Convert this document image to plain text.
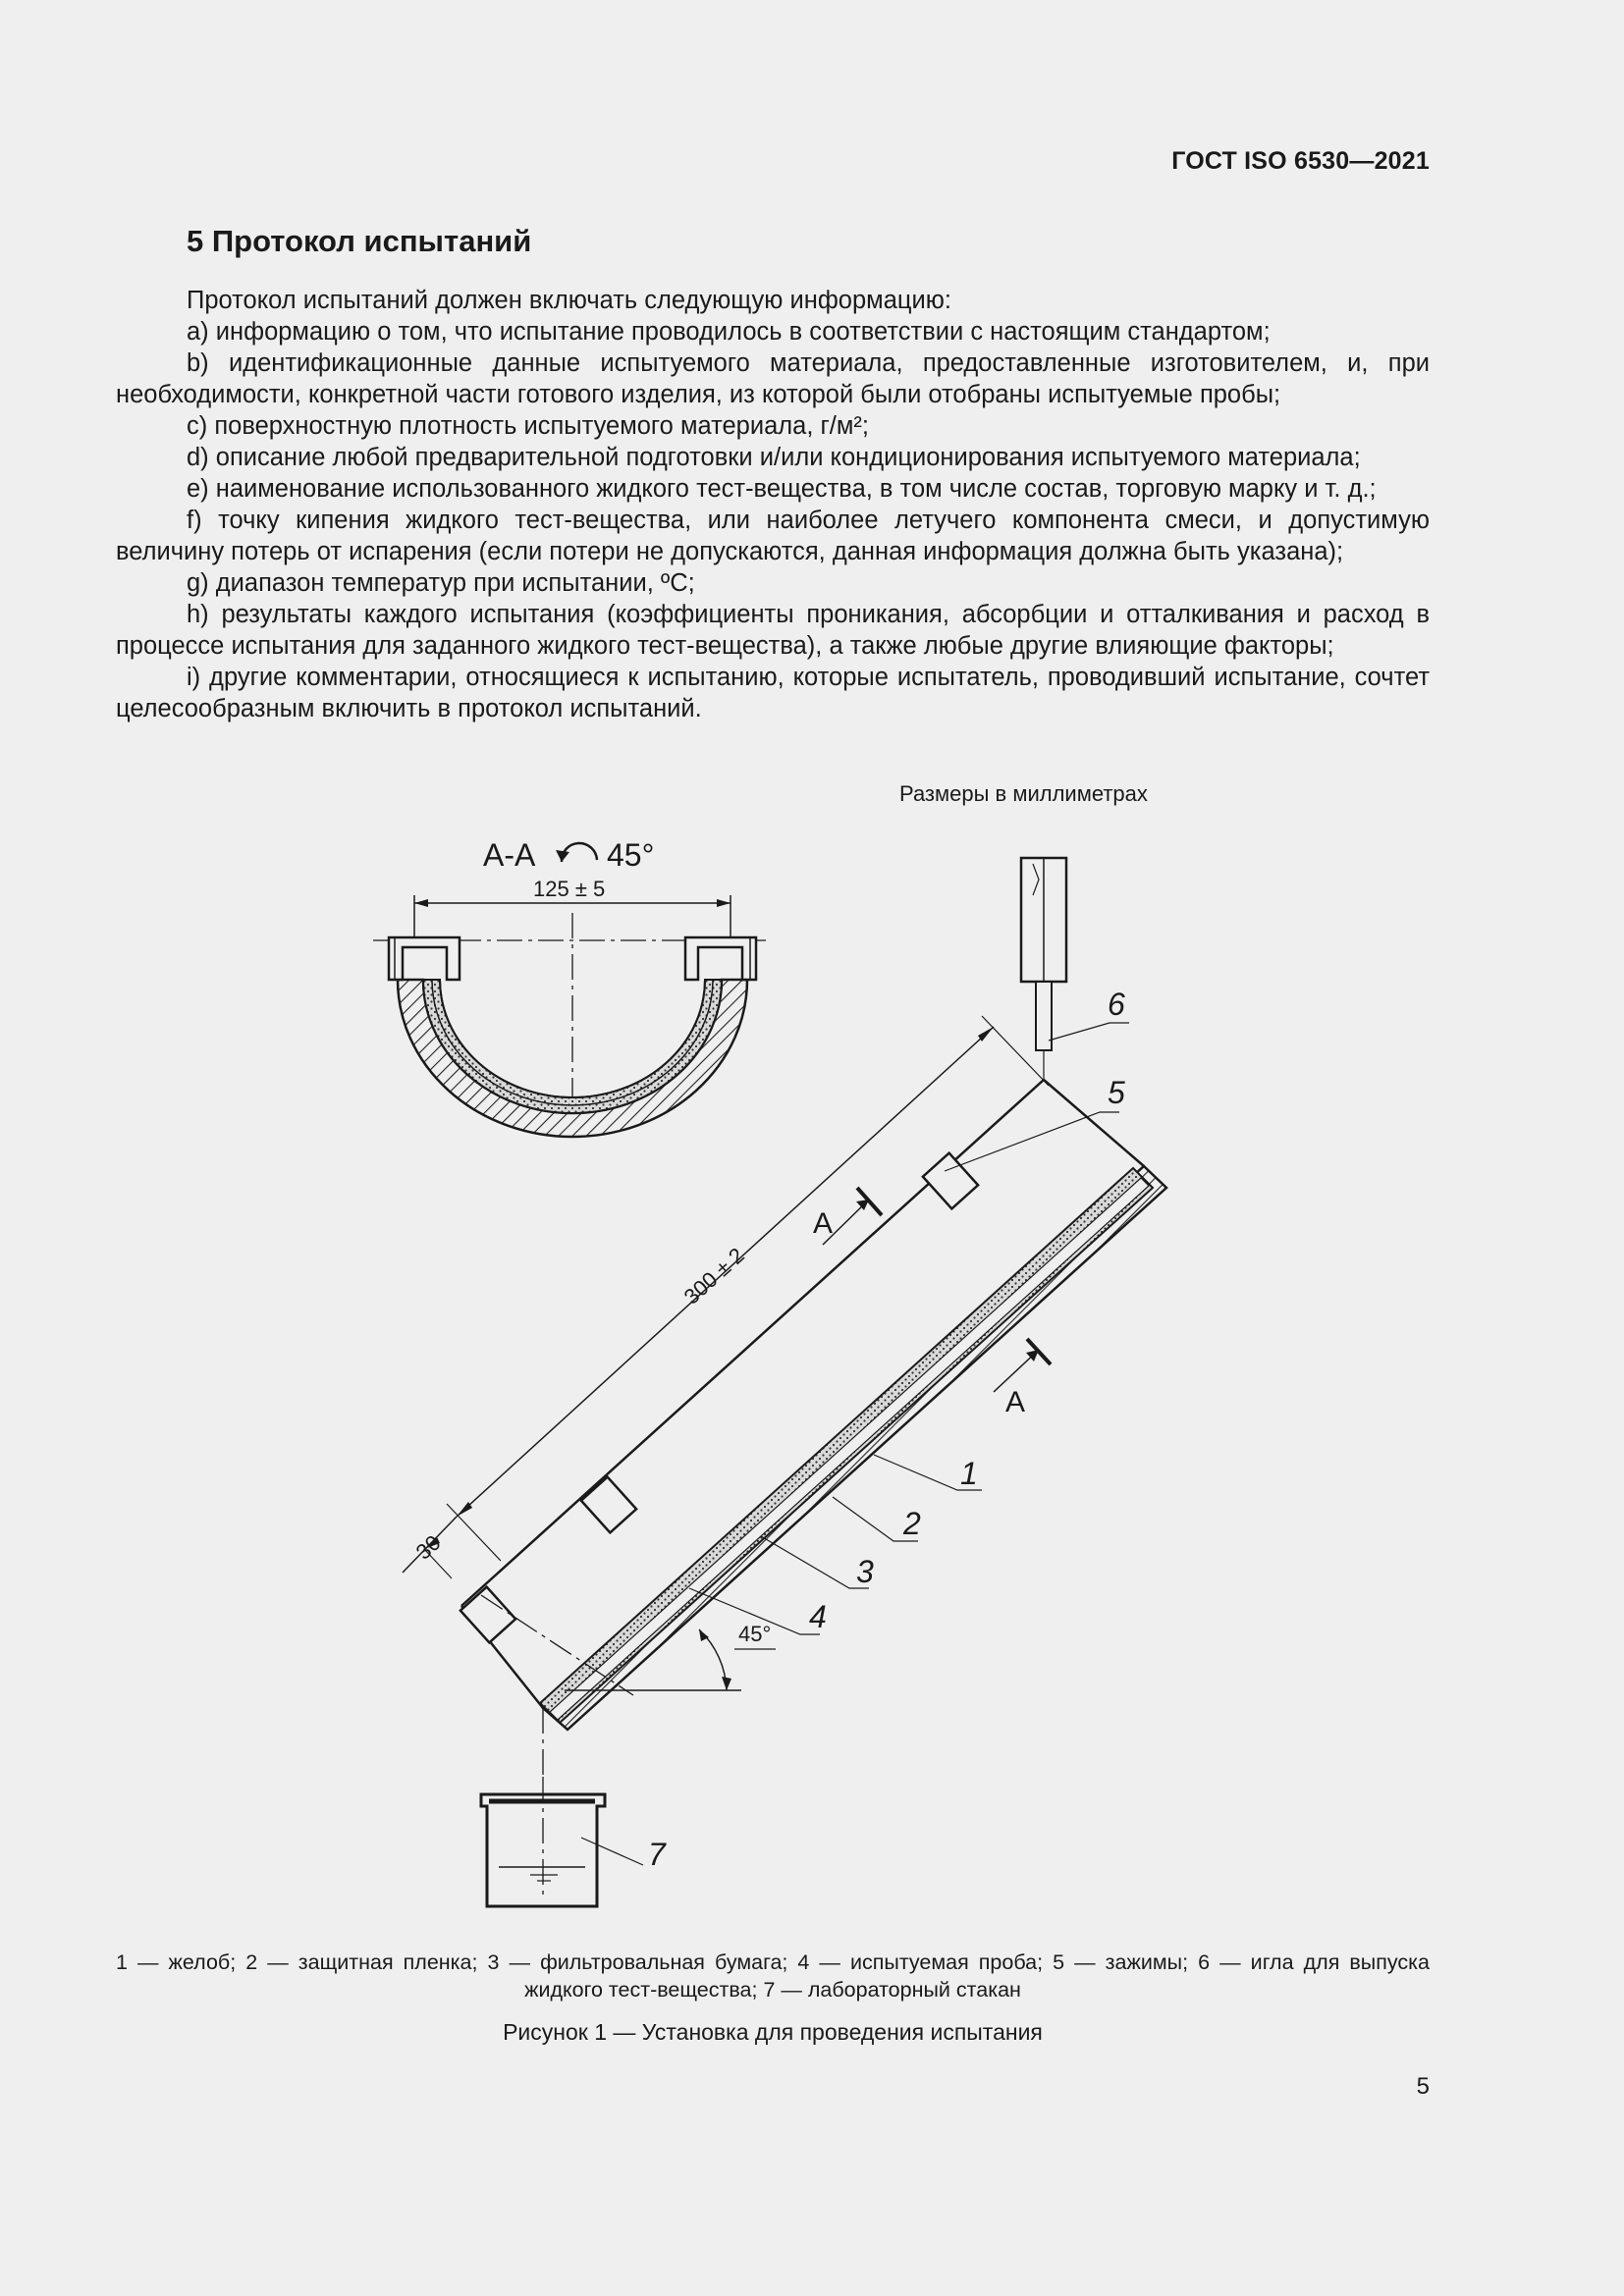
ГОСТ ISO 6530—2021
5 Протокол испытаний

Протокол испытаний должен включать следующую информацию:

a) информацию о том, что испытание проводилось в соответствии с настоящим стандартом;

b) идентификационные данные испытуемого материала, предоставленные изготовителем, и, при необходимости, конкретной части готового изделия, из которой были отобраны испытуемые пробы;

c) поверхностную плотность испытуемого материала, г/м²;

d) описание любой предварительной подготовки и/или кондиционирования испытуемого материала;

e) наименование использованного жидкого тест-вещества, в том числе состав, торговую марку и т. д.;

f) точку кипения жидкого тест-вещества, или наиболее летучего компонента смеси, и допустимую величину потерь от испарения (если потери не допускаются, данная информация должна быть указана);

g) диапазон температур при испытании, ºC;

h) результаты каждого испытания (коэффициенты проникания, абсорбции и отталкивания и расход в процессе испытания для заданного жидкого тест-вещества), а также любые другие влияющие факторы;

i) другие комментарии, относящиеся к испытанию, которые испытатель, проводивший испытание, сочтет целесообразным включить в протокол испытаний.

Размеры в миллиметрах
А-А 45°
125 ± 5
45°
300 ± 2
30
А
А
6
5
1
2
3
4
7
1 — желоб; 2 — защитная пленка; 3 — фильтровальная бумага; 4 — испытуемая проба; 5 — зажимы; 6 — игла для выпуска
жидкого тест-вещества; 7 — лабораторный стакан
Рисунок 1 — Установка для проведения испытания
5
